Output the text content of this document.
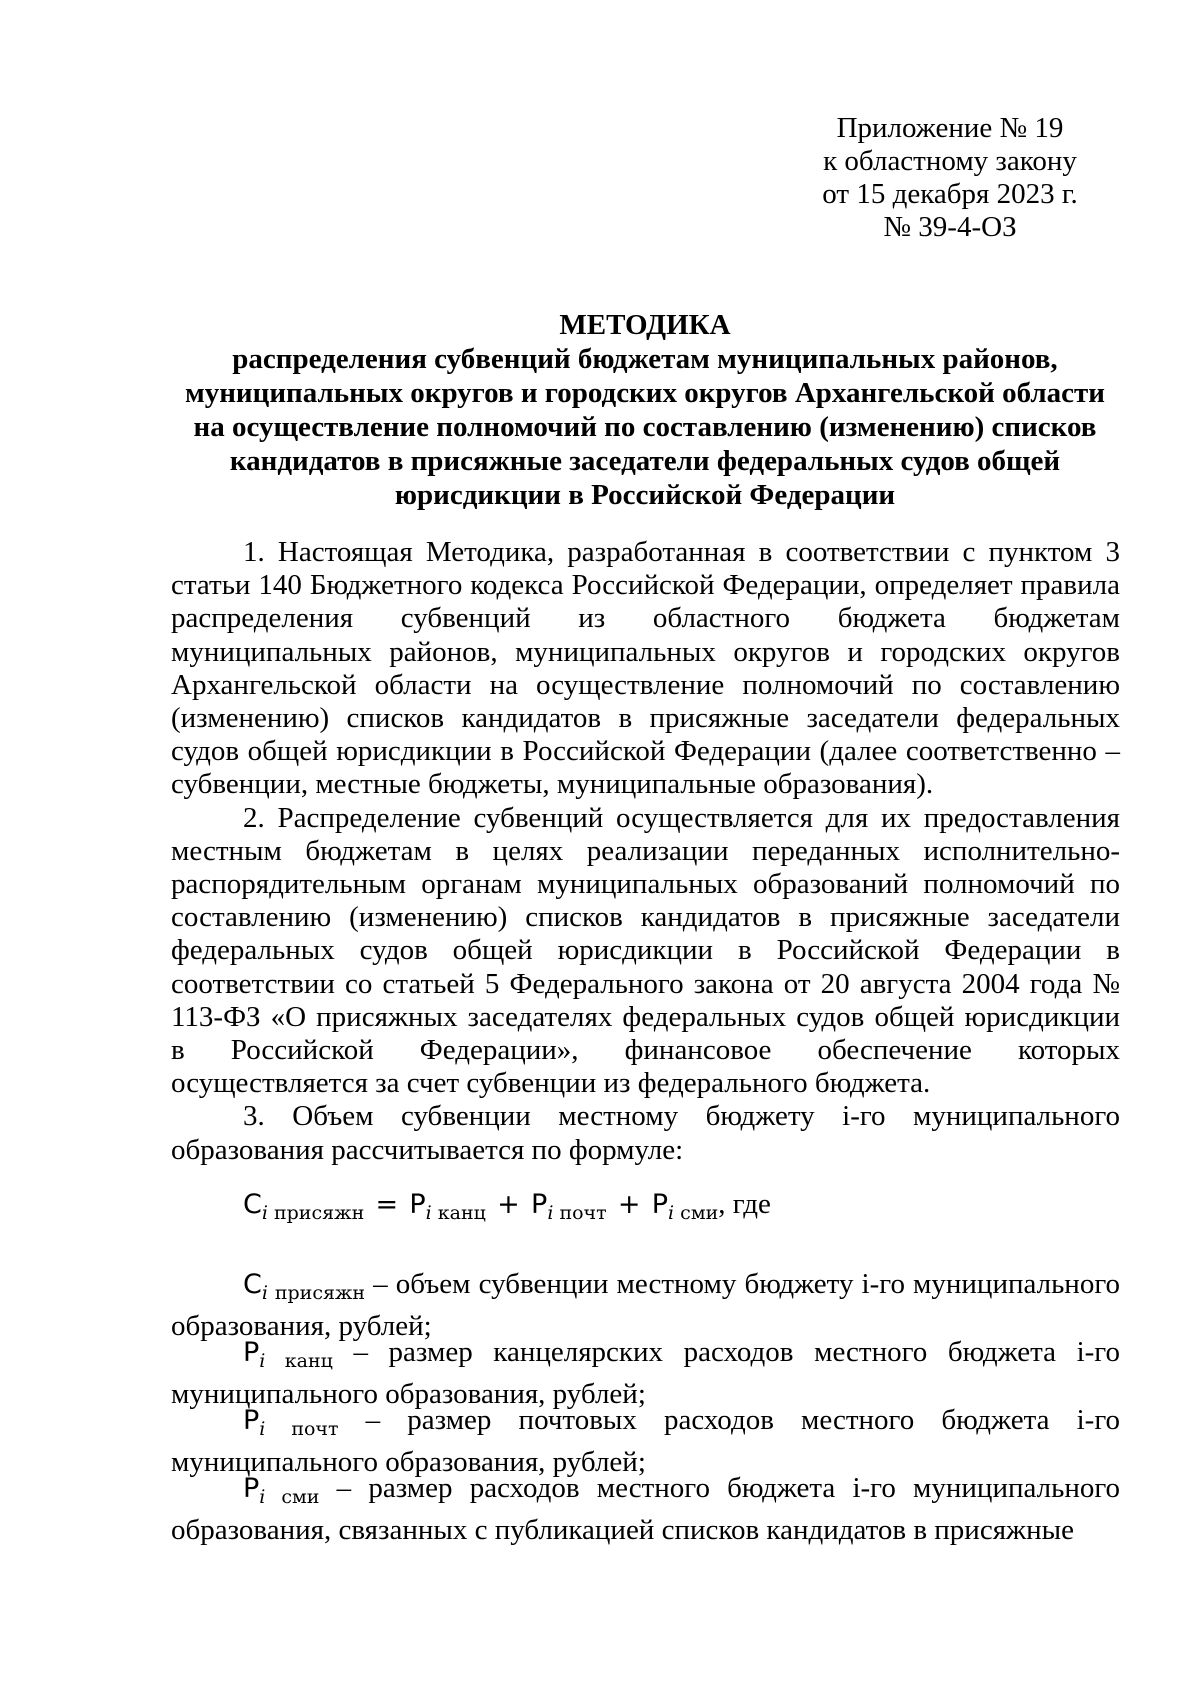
Приложение № 19
к областному закону
от 15 декабря 2023 г.
№ 39-4-ОЗ
МЕТОДИКА
распределения субвенций бюджетам муниципальных районов,
муниципальных округов и городских округов Архангельской области
на осуществление полномочий по составлению (изменению) списков
кандидатов в присяжные заседатели федеральных судов общей
юрисдикции в Российской Федерации

1. Настоящая Методика, разработанная в соответствии с пунктом 3 статьи 140 Бюджетного кодекса Российской Федерации, определяет правила распределения субвенций из областного бюджета бюджетам муниципальных районов, муниципальных округов и городских округов Архангельской области на осуществление полномочий по составлению (изменению) списков кандидатов в присяжные заседатели федеральных судов общей юрисдикции в Российской Федерации (далее соответственно – субвенции, местные бюджеты, муниципальные образования).

2. Распределение субвенций осуществляется для их предоставления местным бюджетам в целях реализации переданных исполнительно-распорядительным органам муниципальных образований полномочий по составлению (изменению) списков кандидатов в присяжные заседатели федеральных судов общей юрисдикции в Российской Федерации в соответствии со статьей 5 Федерального закона от 20 августа 2004 года № 113-ФЗ «О присяжных заседателях федеральных судов общей юрисдикции в Российской Федерации», финансовое обеспечение которых осуществляется за счет субвенции из федерального бюджета.

3. Объем субвенции местному бюджету i-го муниципального образования рассчитывается по формуле:

$С_{i присяжн} = Р_{i канц} + Р_{i почт} + Р_{i сми}$, где

$С_{i присяжн}$ – объем субвенции местному бюджету i-го муниципального образования, рублей;

$Р_{i канц}$ – размер канцелярских расходов местного бюджета i-го муниципального образования, рублей;

$Р_{i почт}$ – размер почтовых расходов местного бюджета i-го муниципального образования, рублей;

$Р_{i сми}$ – размер расходов местного бюджета i-го муниципального образования, связанных с публикацией списков кандидатов в присяжные
